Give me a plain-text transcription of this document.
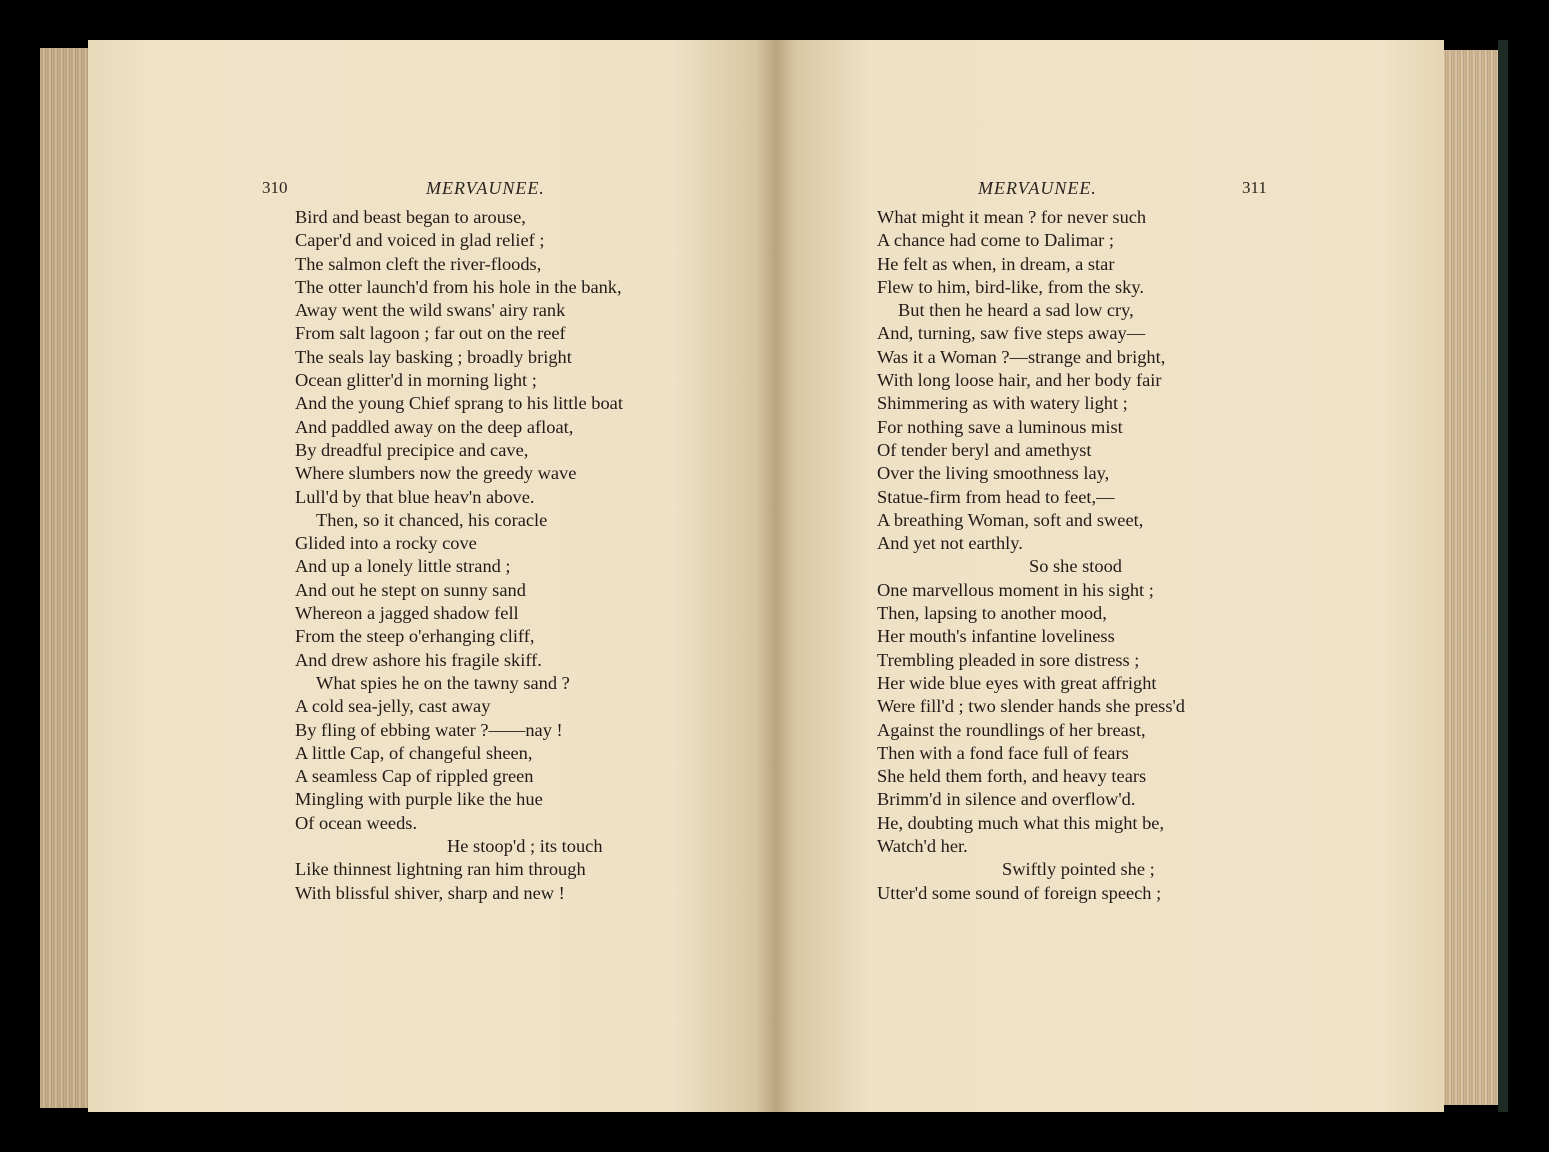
310	MERVAUNEE.
Bird and beast began to arouse,
Caper'd and voiced in glad relief ;
The salmon cleft the river-floods,
The otter launch'd from his hole in the bank,
Away went the wild swans' airy rank
From salt lagoon ; far out on the reef
The seals lay basking ; broadly bright
Ocean glitter'd in morning light ;
And the young Chief sprang to his little boat
And paddled away on the deep afloat,
By dreadful precipice and cave,
Where slumbers now the greedy wave
Lull'd by that blue heav'n above.
Then, so it chanced, his coracle
Glided into a rocky cove
And up a lonely little strand ;
And out he stept on sunny sand
Whereon a jagged shadow fell
From the steep o'erhanging cliff,
And drew ashore his fragile skiff.
What spies he on the tawny sand ?
A cold sea-jelly, cast away
By fling of ebbing water ?——nay !
A little Cap, of changeful sheen,
A seamless Cap of rippled green
Mingling with purple like the hue
Of ocean weeds.
He stoop'd ; its touch
Like thinnest lightning ran him through
With blissful shiver, sharp and new !
MERVAUNEE.	311
What might it mean ? for never such
A chance had come to Dalimar ;
He felt as when, in dream, a star
Flew to him, bird-like, from the sky.
But then he heard a sad low cry,
And, turning, saw five steps away—
Was it a Woman ?—strange and bright,
With long loose hair, and her body fair
Shimmering as with watery light ;
For nothing save a luminous mist
Of tender beryl and amethyst
Over the living smoothness lay,
Statue-firm from head to feet,—
A breathing Woman, soft and sweet,
And yet not earthly.
So she stood
One marvellous moment in his sight ;
Then, lapsing to another mood,
Her mouth's infantine loveliness
Trembling pleaded in sore distress ;
Her wide blue eyes with great affright
Were fill'd ; two slender hands she press'd
Against the roundlings of her breast,
Then with a fond face full of fears
She held them forth, and heavy tears
Brimm'd in silence and overflow'd.
He, doubting much what this might be,
Watch'd her.
Swiftly pointed she ;
Utter'd some sound of foreign speech ;
